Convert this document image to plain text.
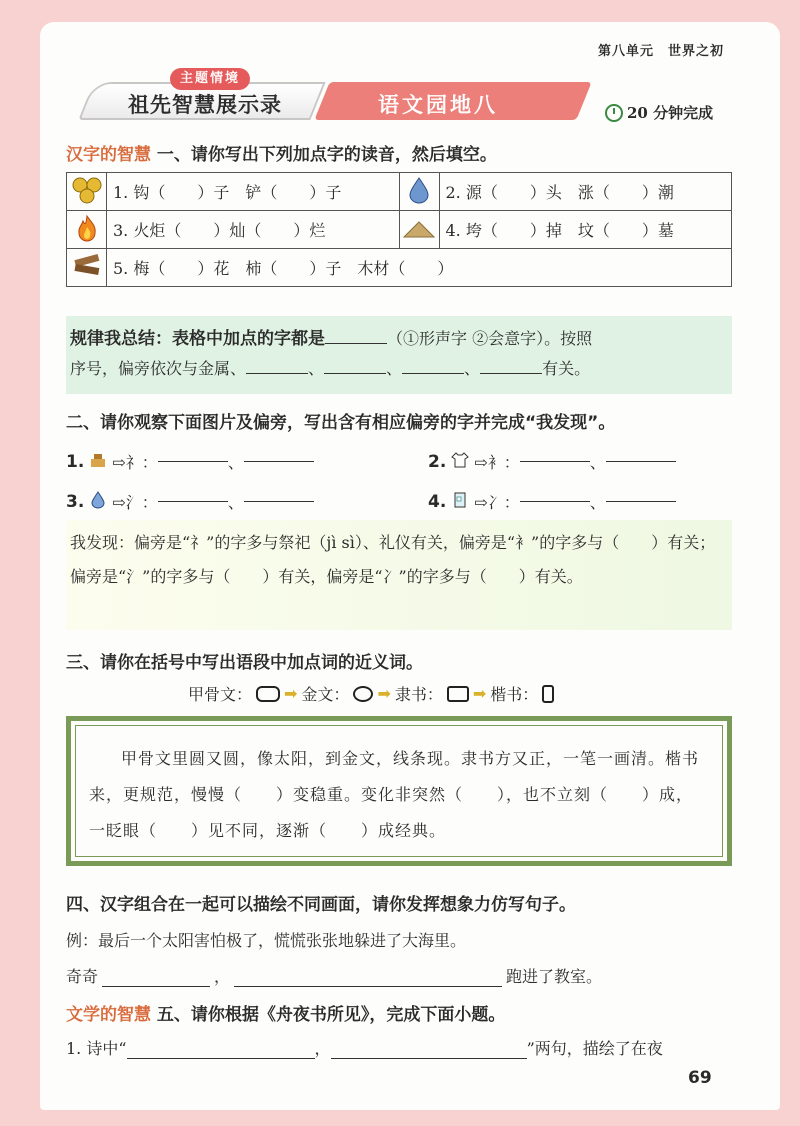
第八单元　世界之初
祖先智慧展示录
主题情境
语文园地八	20 分钟完成
汉字的智慧 一、请你写出下列加点字的读音，然后填空。
	1. 钩（　　）子　铲（　　）子		2. 源（　　）头　涨（　　）潮
	3. 火炬（　　）灿（　　）烂		4. 垮（　　）掉　坟（　　）墓
	5. 梅（　　）花　柿（　　）子　木材（　　）		
规律我总结：表格中加点的字都是	（①形声字 ②会意字）。按照
序号，偏旁依次与金属、	、	、	、	有关。
二、请你观察下面图片及偏旁，写出含有相应偏旁的字并完成“我发现”。
1. ⇨礻：	、	2. ⇨衤：	、
3. ⇨氵：	、	4. ⇨冫：	、
我发现：偏旁是“礻”的字多与祭祀（jì sì）、礼仪有关，偏旁是“衤”的字多与（　　）有关；偏旁是“氵”的字多与（　　）有关，偏旁是“冫”的字多与（　　）有关。
三、请你在括号中写出语段中加点词的近义词。
甲骨文： ➡ 金文： ➡ 隶书： ➡ 楷书：
甲骨文里圆又圆，像太阳，到金文，线条现。隶书方又正，一笔一画清。楷书来，更规范，慢慢（　　）变稳重。变化非突然（　　），也不立刻（　　）成，一眨眼（　　）见不同，逐渐（　　）成经典。
四、汉字组合在一起可以描绘不同画面，请你发挥想象力仿写句子。
例：最后一个太阳害怕极了，慌慌张张地躲进了大海里。
奇奇	，	跑进了教室。
文学的智慧 五、请你根据《舟夜书所见》，完成下面小题。
1. 诗中“	，	”两句，描绘了在夜
69
